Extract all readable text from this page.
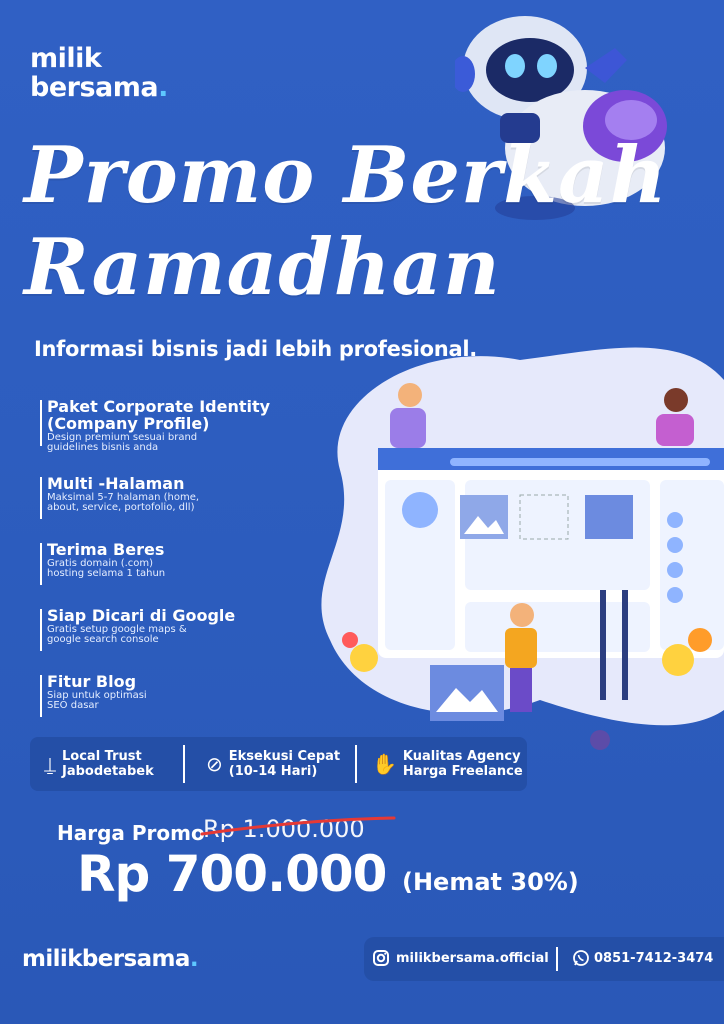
milik
bersama.
Promo Berkah
Ramadhan
Informasi bisnis jadi lebih profesional.
Paket Corporate Identity (Company Profile)
Design premium sesuai brand guidelines bisnis anda
Multi -Halaman
Maksimal 5-7 halaman (home, about, service, portofolio, dll)
Terima Beres
Gratis domain (.com) hosting selama 1 tahun
Siap Dicari di Google
Gratis setup google maps & google search console
Fitur Blog
Siap untuk optimasi SEO dasar
⍊ Local Trust
Jabodetabek	⊘ Eksekusi Cepat
(10-14 Hari)	✋ Kualitas Agency
Harga Freelance
Harga Promo
Rp 1.000.000
Rp 700.000 (Hemat 30%)
milikbersama.	milikbersama.official	0851-7412-3474
